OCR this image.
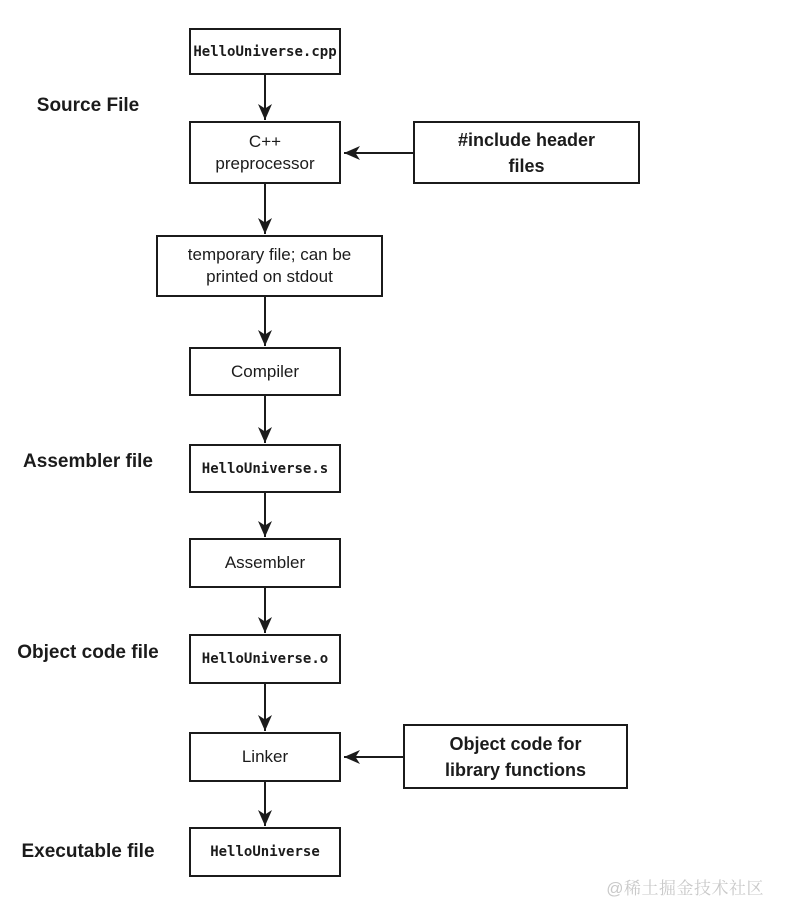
HelloUniverse.cpp
C++
preprocessor
temporary file; can be
printed on stdout
Compiler
HelloUniverse.s
Assembler
HelloUniverse.o
Linker
HelloUniverse
#include header
files
Object code for
library functions
Source File
Assembler file
Object code file
Executable file
@稀土掘金技术社区
